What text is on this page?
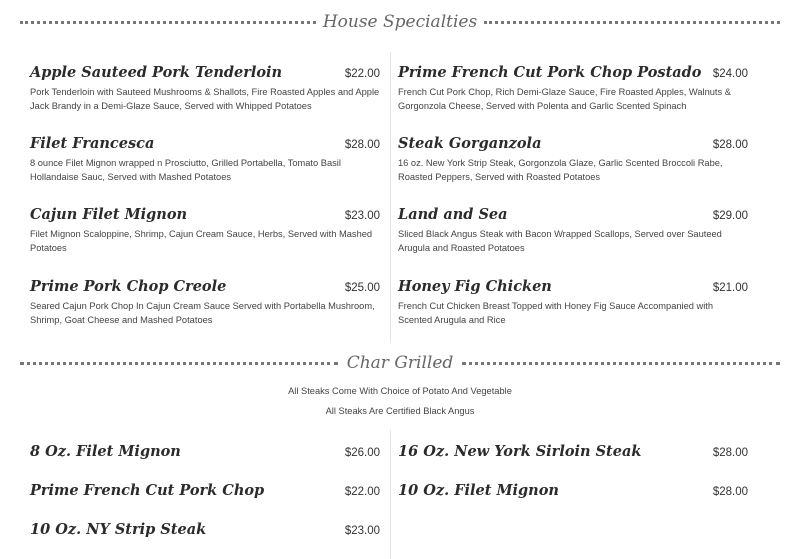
House Specialties
Apple Sauteed Pork Tenderloin	$22.00
Pork Tenderloin with Sauteed Mushrooms & Shallots, Fire Roasted Apples and Apple Jack Brandy in a Demi-Glaze Sauce, Served with Whipped Potatoes
Prime French Cut Pork Chop Postado $24.00
French Cut Pork Chop, Rich Demi-Glaze Sauce, Fire Roasted Apples, Walnuts & Gorgonzola Cheese, Served with Polenta and Garlic Scented Spinach
Filet Francesca	$28.00
8 ounce Filet Mignon wrapped n Prosciutto, Grilled Portabella, Tomato Basil Hollandaise Sauc, Served with Mashed Potatoes
Steak Gorganzola	$28.00
16 oz. New York Strip Steak, Gorgonzola Glaze, Garlic Scented Broccoli Rabe, Roasted Peppers, Served with Roasted Potatoes
Cajun Filet Mignon	$23.00
Filet Mignon Scaloppine, Shrimp, Cajun Cream Sauce, Herbs, Served with Mashed Potatoes
Land and Sea	$29.00
Sliced Black Angus Steak with Bacon Wrapped Scallops, Served over Sauteed Arugula and Roasted Potatoes
Prime Pork Chop Creole	$25.00
Seared Cajun Pork Chop In Cajun Cream Sauce Served with Portabella Mushroom, Shrimp, Goat Cheese and Mashed Potatoes
Honey Fig Chicken	$21.00
French Cut Chicken Breast Topped with Honey Fig Sauce Accompanied with Scented Arugula and Rice
Char Grilled
All Steaks Come With Choice of Potato And Vegetable
All Steaks Are Certified Black Angus
8 Oz. Filet Mignon	$26.00 16 Oz. New York Sirloin Steak	$28.00
Prime French Cut Pork Chop	$22.00 10 Oz. Filet Mignon	$28.00
10 Oz. NY Strip Steak	$23.00
